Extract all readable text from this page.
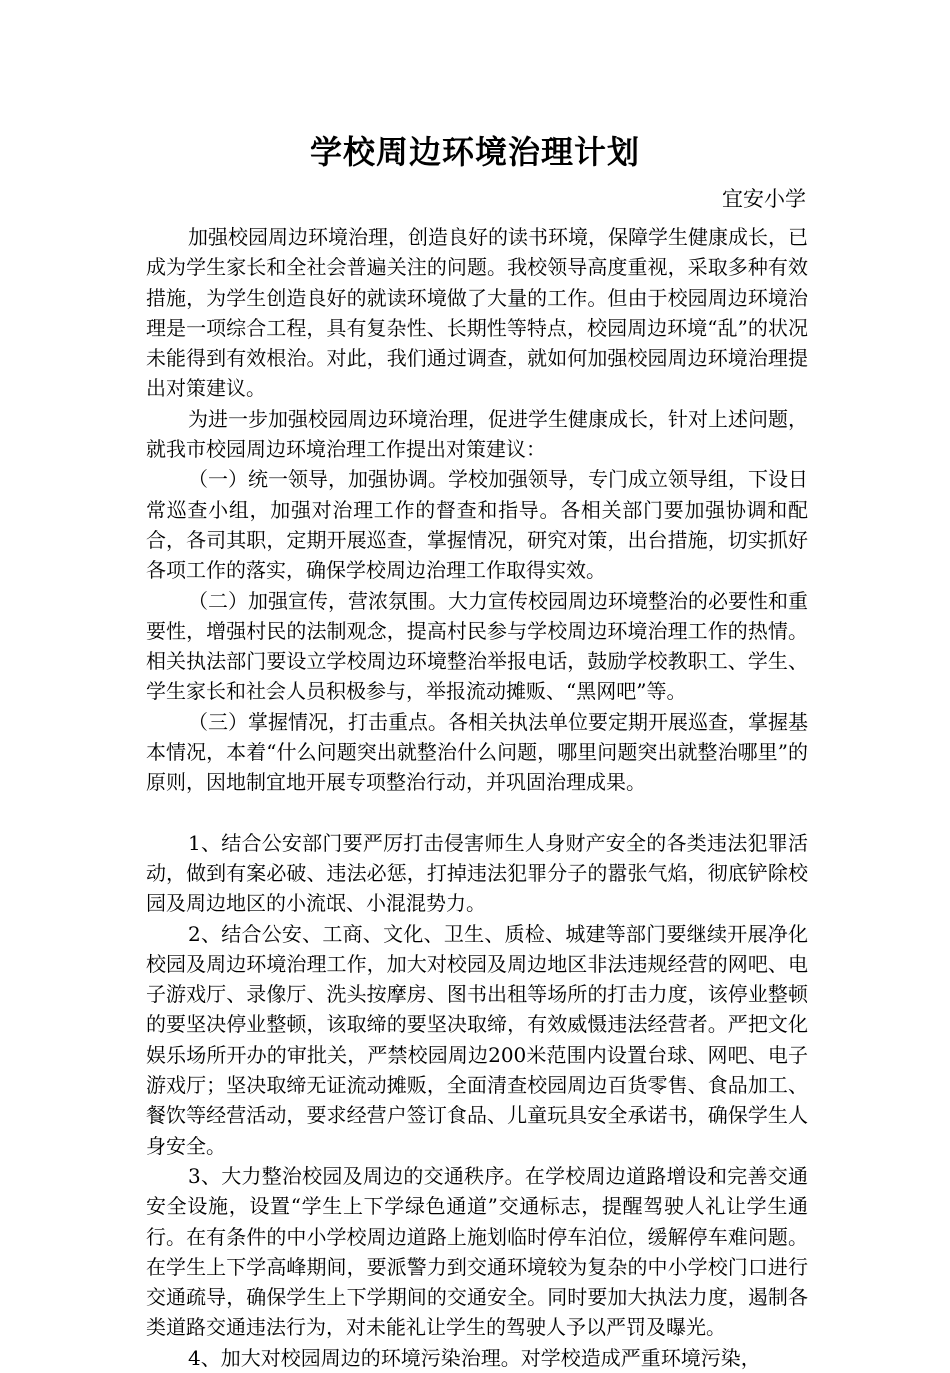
学校周边环境治理计划
宜安小学

加强校园周边环境治理，创造良好的读书环境，保障学生健康成长，已成为学生家长和全社会普遍关注的问题。我校领导高度重视，采取多种有效措施，为学生创造良好的就读环境做了大量的工作。但由于校园周边环境治理是一项综合工程，具有复杂性、长期性等特点，校园周边环境“乱”的状况未能得到有效根治。对此，我们通过调查，就如何加强校园周边环境治理提出对策建议。

为进一步加强校园周边环境治理，促进学生健康成长，针对上述问题，就我市校园周边环境治理工作提出对策建议：

（一）统一领导，加强协调。学校加强领导，专门成立领导组，下设日常巡查小组，加强对治理工作的督查和指导。各相关部门要加强协调和配合，各司其职，定期开展巡查，掌握情况，研究对策，出台措施，切实抓好各项工作的落实，确保学校周边治理工作取得实效。

（二）加强宣传，营浓氛围。大力宣传校园周边环境整治的必要性和重要性，增强村民的法制观念，提高村民参与学校周边环境治理工作的热情。相关执法部门要设立学校周边环境整治举报电话，鼓励学校教职工、学生、学生家长和社会人员积极参与，举报流动摊贩、“黑网吧”等。

（三）掌握情况，打击重点。各相关执法单位要定期开展巡查，掌握基本情况，本着“什么问题突出就整治什么问题，哪里问题突出就整治哪里”的原则，因地制宜地开展专项整治行动，并巩固治理成果。

1、结合公安部门要严厉打击侵害师生人身财产安全的各类违法犯罪活动，做到有案必破、违法必惩，打掉违法犯罪分子的嚣张气焰，彻底铲除校园及周边地区的小流氓、小混混势力。

2、结合公安、工商、文化、卫生、质检、城建等部门要继续开展净化校园及周边环境治理工作，加大对校园及周边地区非法违规经营的网吧、电子游戏厅、录像厅、洗头按摩房、图书出租等场所的打击力度，该停业整顿的要坚决停业整顿，该取缔的要坚决取缔，有效威慑违法经营者。严把文化娱乐场所开办的审批关，严禁校园周边200米范围内设置台球、网吧、电子游戏厅；坚决取缔无证流动摊贩，全面清查校园周边百货零售、食品加工、餐饮等经营活动，要求经营户签订食品、儿童玩具安全承诺书，确保学生人身安全。

3、大力整治校园及周边的交通秩序。在学校周边道路增设和完善交通安全设施，设置“学生上下学绿色通道”交通标志，提醒驾驶人礼让学生通行。在有条件的中小学校周边道路上施划临时停车泊位，缓解停车难问题。在学生上下学高峰期间，要派警力到交通环境较为复杂的中小学校门口进行交通疏导，确保学生上下学期间的交通安全。同时要加大执法力度，遏制各类道路交通违法行为，对未能礼让学生的驾驶人予以严罚及曝光。

4、加大对校园周边的环境污染治理。对学校造成严重环境污染，
